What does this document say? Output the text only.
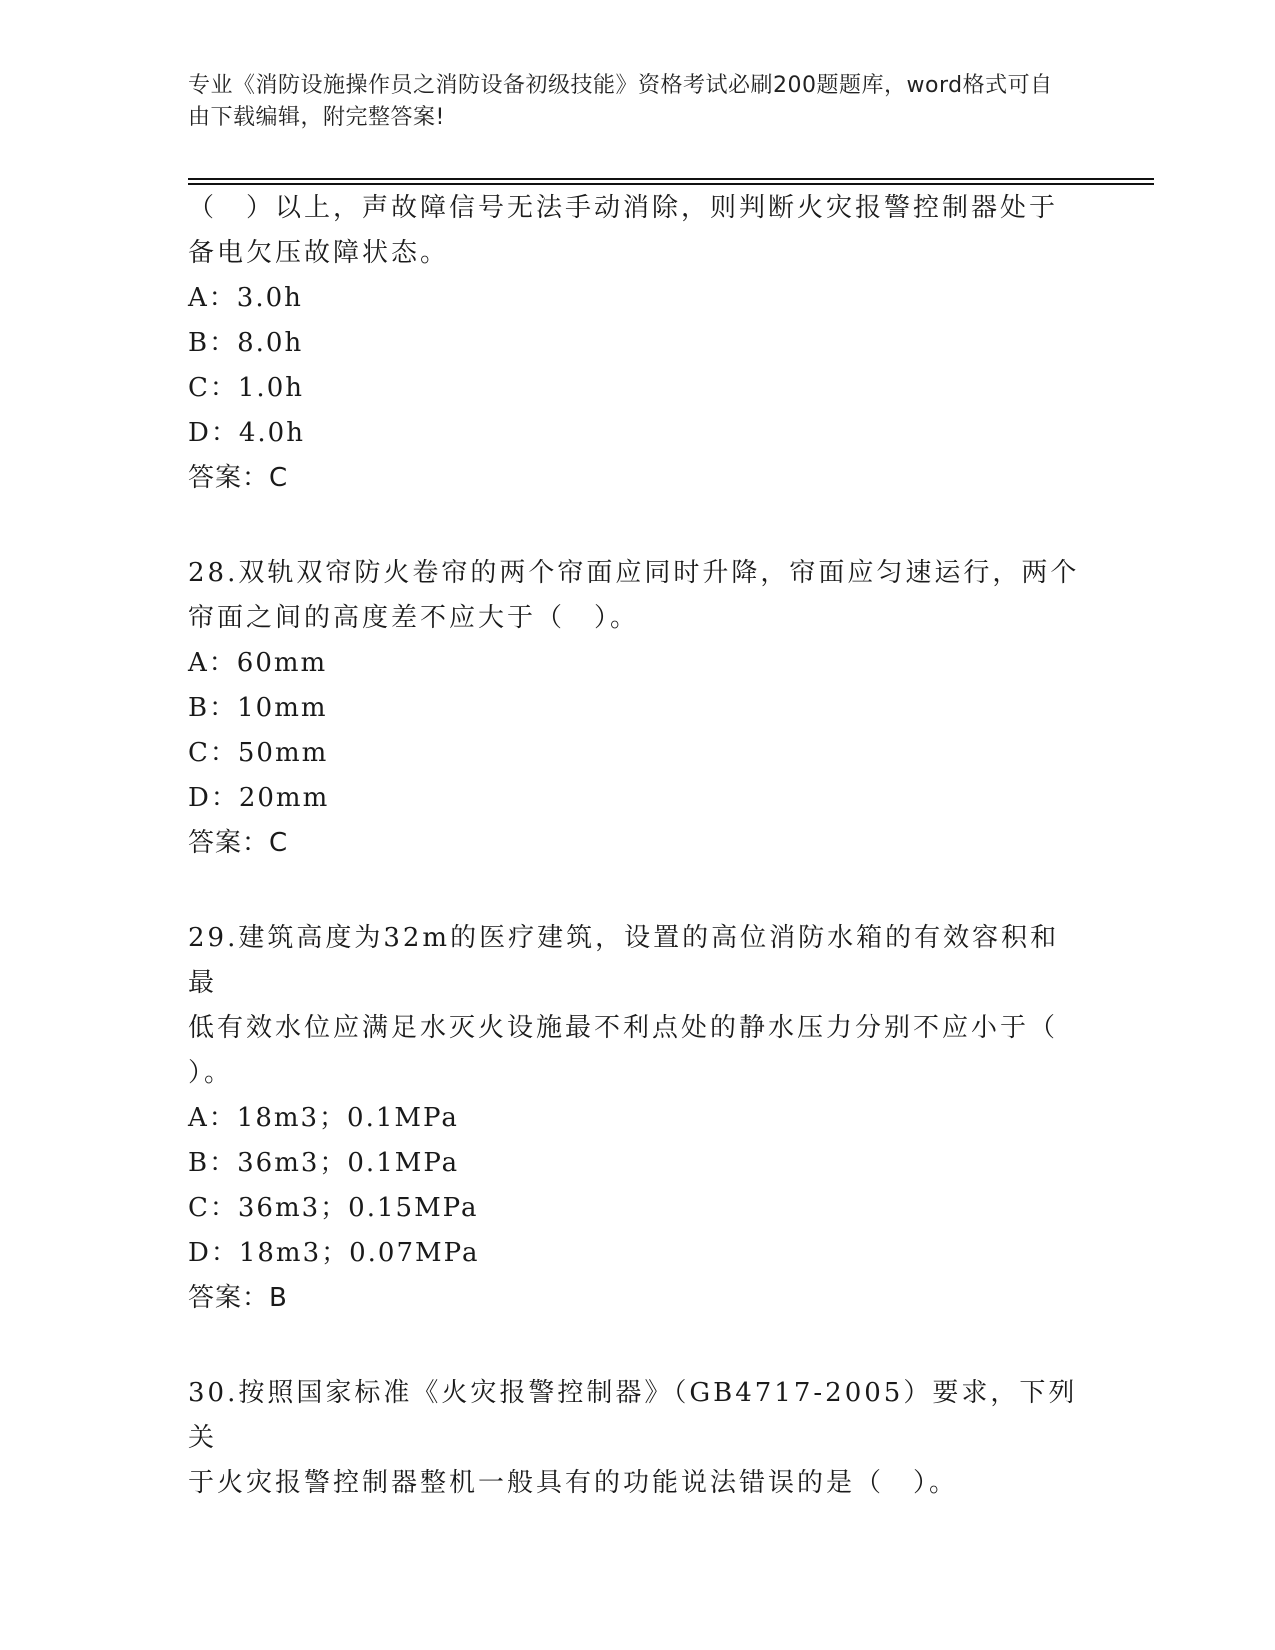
专业《消防设施操作员之消防设备初级技能》资格考试必刷200题题库，word格式可自由下载编辑，附完整答案!

（　）以上，声故障信号无法手动消除，则判断火灾报警控制器处于

备电欠压故障状态。

A：3.0h

B：8.0h

C：1.0h

D：4.0h

答案：C

28.双轨双帘防火卷帘的两个帘面应同时升降，帘面应匀速运行，两个

帘面之间的高度差不应大于（　）。

A：60mm

B：10mm

C：50mm

D：20mm

答案：C

29.建筑高度为32m的医疗建筑，设置的高位消防水箱的有效容积和最

低有效水位应满足水灭火设施最不利点处的静水压力分别不应小于（

）。

A：18m3；0.1MPa

B：36m3；0.1MPa

C：36m3；0.15MPa

D：18m3；0.07MPa

答案：B

30.按照国家标准《火灾报警控制器》（GB4717-2005）要求，下列关

于火灾报警控制器整机一般具有的功能说法错误的是（　）。
